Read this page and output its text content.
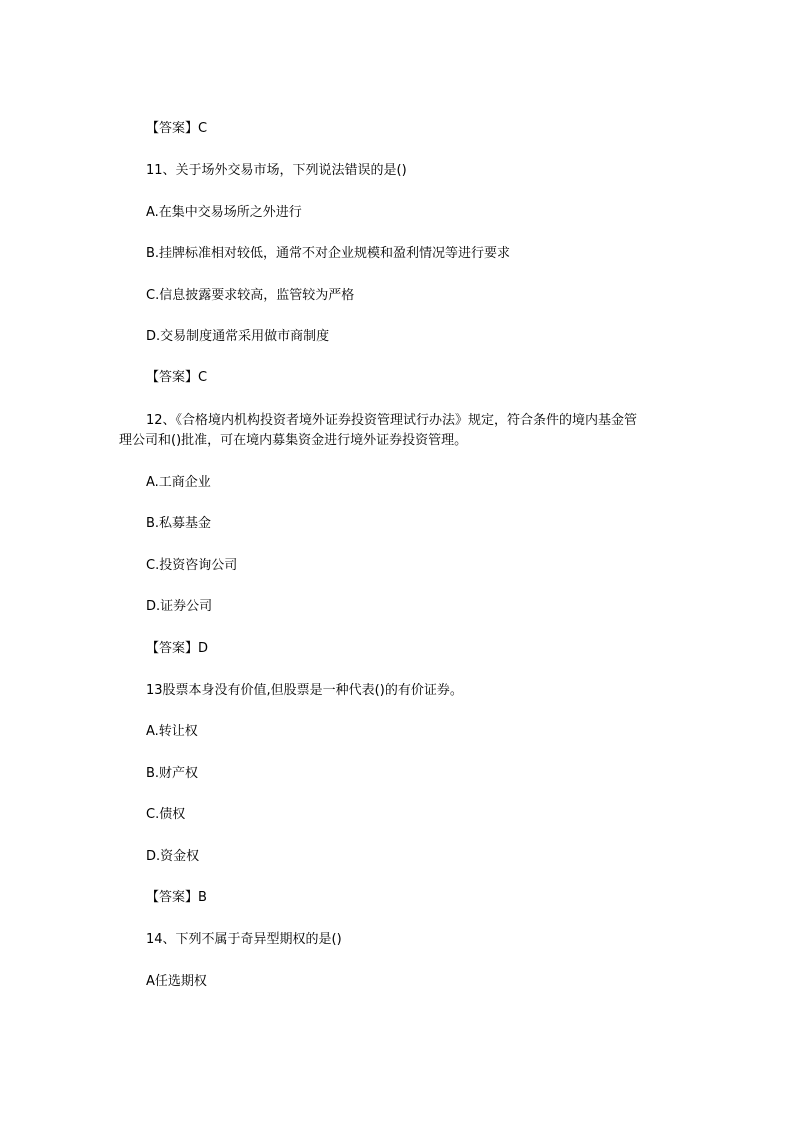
【答案】C
11、关于场外交易市场，下列说法错误的是()
A.在集中交易场所之外进行
B.挂牌标准相对较低，通常不对企业规模和盈利情况等进行要求
C.信息披露要求较高，监管较为严格
D.交易制度通常采用做市商制度
【答案】C
12、《合格境内机构投资者境外证券投资管理试行办法》规定，符合条件的境内基金管
理公司和()批准，可在境内募集资金进行境外证券投资管理。
A.工商企业
B.私募基金
C.投资咨询公司
D.证券公司
【答案】D
13股票本身没有价值,但股票是一种代表()的有价证券。
A.转让权
B.财产权
C.债权
D.资金权
【答案】B
14、下列不属于奇异型期权的是()
A任选期权
